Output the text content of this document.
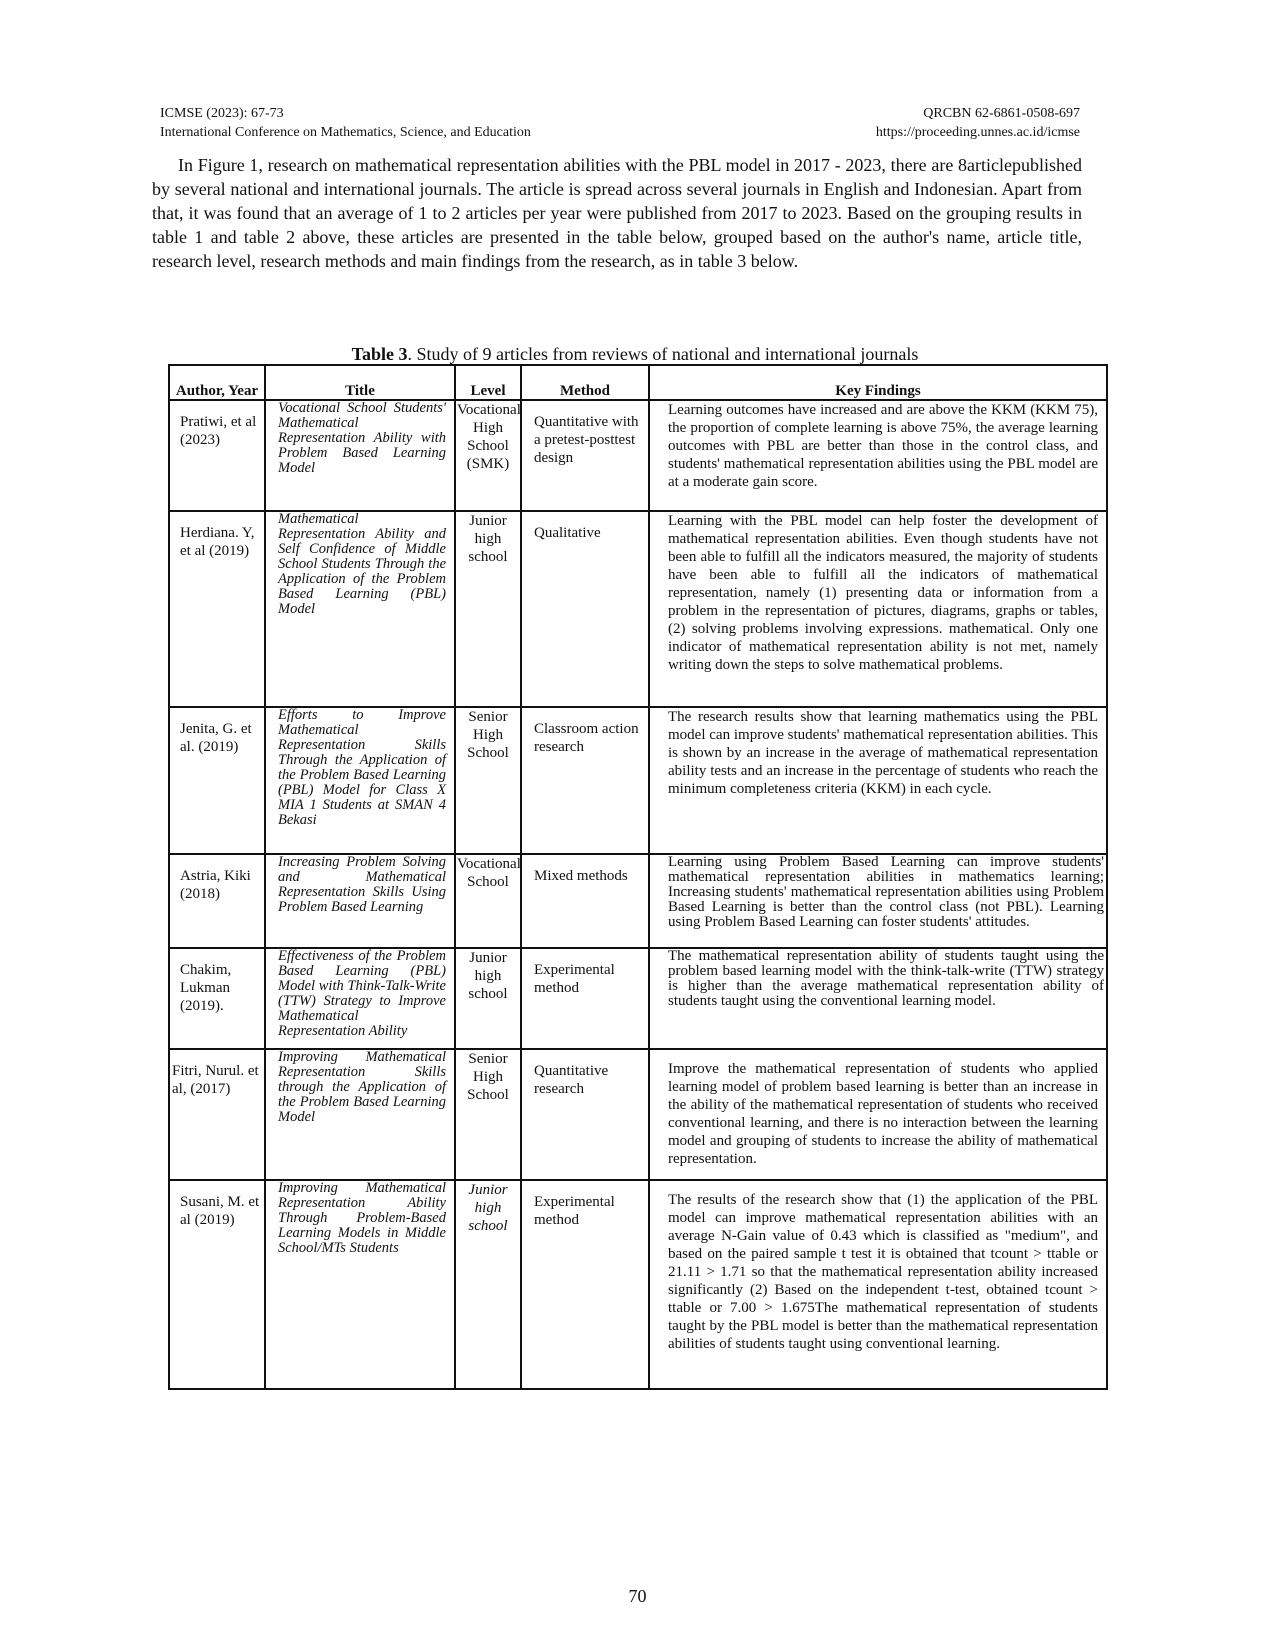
ICMSE (2023): 67-73
International Conference on Mathematics, Science, and Education
QRCBN 62-6861-0508-697
https://proceeding.unnes.ac.id/icmse

In Figure 1, research on mathematical representation abilities with the PBL model in 2017 - 2023, there are 8articlepublished by several national and international journals. The article is spread across several journals in English and Indonesian. Apart from that, it was found that an average of 1 to 2 articles per year were published from 2017 to 2023. Based on the grouping results in table 1 and table 2 above, these articles are presented in the table below, grouped based on the author's name, article title, research level, research methods and main findings from the research, as in table 3 below.

Table 3. Study of 9 articles from reviews of national and international journals
Author, Year	Title	Level	Method	Key Findings
Pratiwi, et al (2023)	Vocational School Students' Mathematical Representation Ability with Problem Based Learning Model	Vocational High School (SMK)	Quantitative with a pretest-posttest design	Learning outcomes have increased and are above the KKM (KKM 75), the proportion of complete learning is above 75%, the average learning outcomes with PBL are better than those in the control class, and students' mathematical representation abilities using the PBL model are at a moderate gain score.
Herdiana. Y, et al (2019)	Mathematical Representation Ability and Self Confidence of Middle School Students Through the Application of the Problem Based Learning (PBL) Model	Junior high school	Qualitative	Learning with the PBL model can help foster the development of mathematical representation abilities. Even though students have not been able to fulfill all the indicators measured, the majority of students have been able to fulfill all the indicators of mathematical representation, namely (1) presenting data or information from a problem in the representation of pictures, diagrams, graphs or tables, (2) solving problems involving expressions. mathematical. Only one indicator of mathematical representation ability is not met, namely writing down the steps to solve mathematical problems.
Jenita, G. et al. (2019)	Efforts to Improve Mathematical Representation Skills Through the Application of the Problem Based Learning (PBL) Model for Class X MIA 1 Students at SMAN 4 Bekasi	Senior High School	Classroom action research	The research results show that learning mathematics using the PBL model can improve students' mathematical representation abilities. This is shown by an increase in the average of mathematical representation ability tests and an increase in the percentage of students who reach the minimum completeness criteria (KKM) in each cycle.
Astria, Kiki (2018)	Increasing Problem Solving and Mathematical Representation Skills Using Problem Based Learning	Vocational School	Mixed methods	Learning using Problem Based Learning can improve students' mathematical representation abilities in mathematics learning; Increasing students' mathematical representation abilities using Problem Based Learning is better than the control class (not PBL). Learning using Problem Based Learning can foster students' attitudes.
Chakim, Lukman (2019).	Effectiveness of the Problem Based Learning (PBL) Model with Think-Talk-Write (TTW) Strategy to Improve Mathematical Representation Ability	Junior high school	Experimental method	The mathematical representation ability of students taught using the problem based learning model with the think-talk-write (TTW) strategy is higher than the average mathematical representation ability of students taught using the conventional learning model.
Fitri, Nurul. et al, (2017)	Improving Mathematical Representation Skills through the Application of the Problem Based Learning Model	Senior High School	Quantitative research	Improve the mathematical representation of students who applied learning model of problem based learning is better than an increase in the ability of the mathematical representation of students who received conventional learning, and there is no interaction between the learning model and grouping of students to increase the ability of mathematical representation.
Susani, M. et al (2019)	Improving Mathematical Representation Ability Through Problem-Based Learning Models in Middle School/MTs Students	Junior high school	Experimental method	The results of the research show that (1) the application of the PBL model can improve mathematical representation abilities with an average N-Gain value of 0.43 which is classified as "medium", and based on the paired sample t test it is obtained that tcount > ttable or 21.11 > 1.71 so that the mathematical representation ability increased significantly (2) Based on the independent t-test, obtained tcount > ttable or 7.00 > 1.675The mathematical representation of students taught by the PBL model is better than the mathematical representation abilities of students taught using conventional learning.
70
